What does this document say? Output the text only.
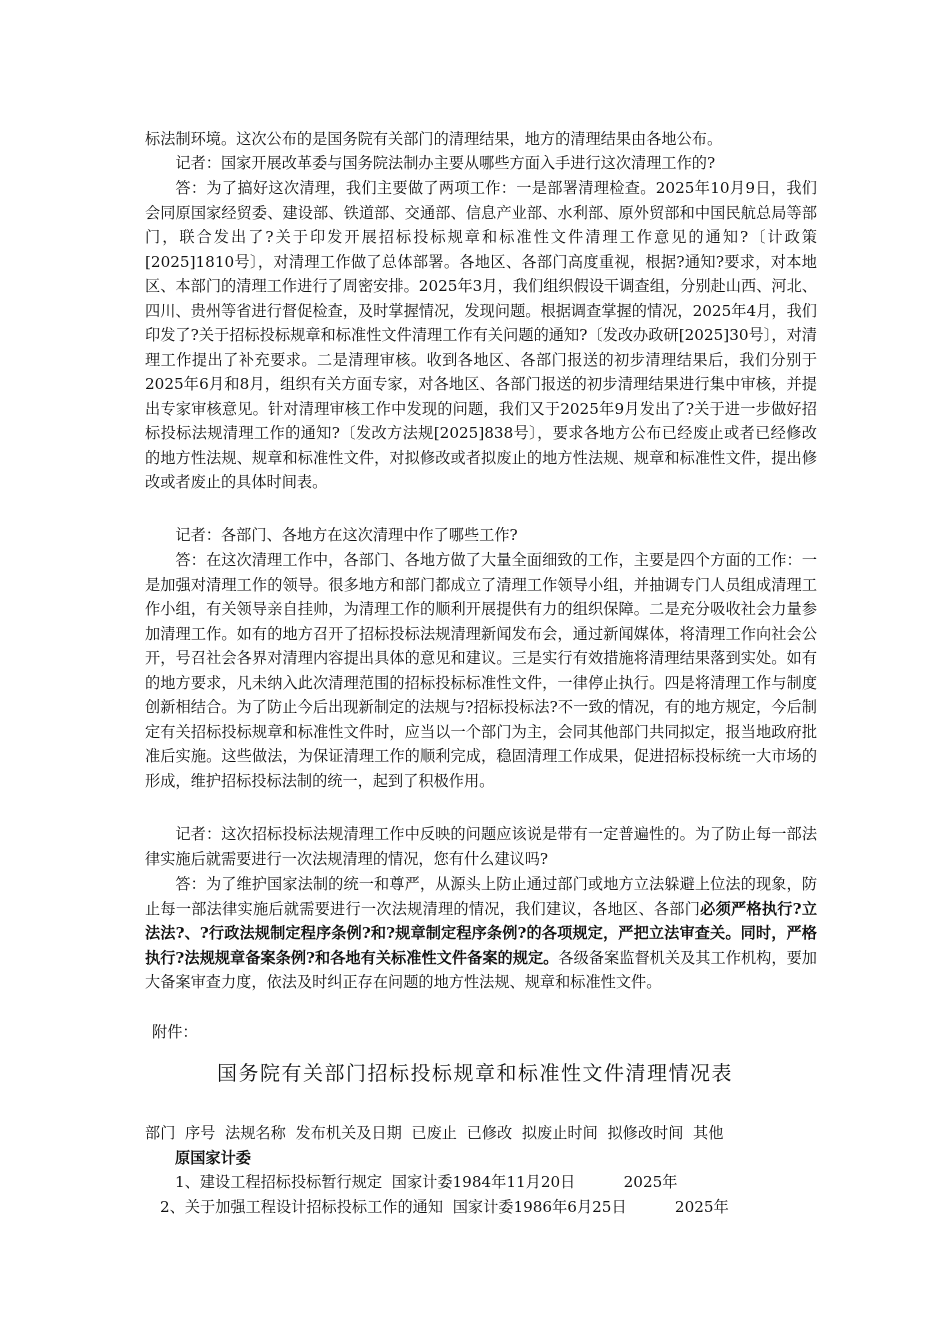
标法制环境。这次公布的是国务院有关部门的清理结果，地方的清理结果由各地公布。

记者：国家开展改革委与国务院法制办主要从哪些方面入手进行这次清理工作的?

答：为了搞好这次清理，我们主要做了两项工作：一是部署清理检查。2025年10月9日，我们会同原国家经贸委、建设部、铁道部、交通部、信息产业部、水利部、原外贸部和中国民航总局等部门，联合发出了?关于印发开展招标投标规章和标准性文件清理工作意见的通知?〔计政策[2025]1810号〕，对清理工作做了总体部署。各地区、各部门高度重视，根据?通知?要求，对本地区、本部门的清理工作进行了周密安排。2025年3月，我们组织假设干调查组，分别赴山西、河北、四川、贵州等省进行督促检查，及时掌握情况，发现问题。根据调查掌握的情况，2025年4月，我们印发了?关于招标投标规章和标准性文件清理工作有关问题的通知?〔发改办政研[2025]30号〕，对清理工作提出了补充要求。二是清理审核。收到各地区、各部门报送的初步清理结果后，我们分别于2025年6月和8月，组织有关方面专家，对各地区、各部门报送的初步清理结果进行集中审核，并提出专家审核意见。针对清理审核工作中发现的问题，我们又于2025年9月发出了?关于进一步做好招标投标法规清理工作的通知?〔发改方法规[2025]838号〕，要求各地方公布已经废止或者已经修改的地方性法规、规章和标准性文件，对拟修改或者拟废止的地方性法规、规章和标准性文件，提出修改或者废止的具体时间表。

记者：各部门、各地方在这次清理中作了哪些工作?

答：在这次清理工作中，各部门、各地方做了大量全面细致的工作，主要是四个方面的工作：一是加强对清理工作的领导。很多地方和部门都成立了清理工作领导小组，并抽调专门人员组成清理工作小组，有关领导亲自挂帅，为清理工作的顺利开展提供有力的组织保障。二是充分吸收社会力量参加清理工作。如有的地方召开了招标投标法规清理新闻发布会，通过新闻媒体，将清理工作向社会公开，号召社会各界对清理内容提出具体的意见和建议。三是实行有效措施将清理结果落到实处。如有的地方要求，凡未纳入此次清理范围的招标投标标准性文件，一律停止执行。四是将清理工作与制度创新相结合。为了防止今后出现新制定的法规与?招标投标法?不一致的情况，有的地方规定，今后制定有关招标投标规章和标准性文件时，应当以一个部门为主，会同其他部门共同拟定，报当地政府批准后实施。这些做法，为保证清理工作的顺利完成，稳固清理工作成果，促进招标投标统一大市场的形成，维护招标投标法制的统一，起到了积极作用。

记者：这次招标投标法规清理工作中反映的问题应该说是带有一定普遍性的。为了防止每一部法律实施后就需要进行一次法规清理的情况，您有什么建议吗?

答：为了维护国家法制的统一和尊严，从源头上防止通过部门或地方立法躲避上位法的现象，防止每一部法律实施后就需要进行一次法规清理的情况，我们建议，各地区、各部门必须严格执行?立法法?、?行政法规制定程序条例?和?规章制定程序条例?的各项规定，严把立法审查关。同时，严格执行?法规规章备案条例?和各地有关标准性文件备案的规定。各级备案监督机关及其工作机构，要加大备案审查力度，依法及时纠正存在问题的地方性法规、规章和标准性文件。

附件：
国务院有关部门招标投标规章和标准性文件清理情况表
部门  序号  法规名称  发布机关及日期  已废止  已修改  拟废止时间  拟修改时间  其他
原国家计委
1、建设工程招标投标暂行规定  国家计委1984年11月20日          2025年
2、关于加强工程设计招标投标工作的通知  国家计委1986年6月25日          2025年
